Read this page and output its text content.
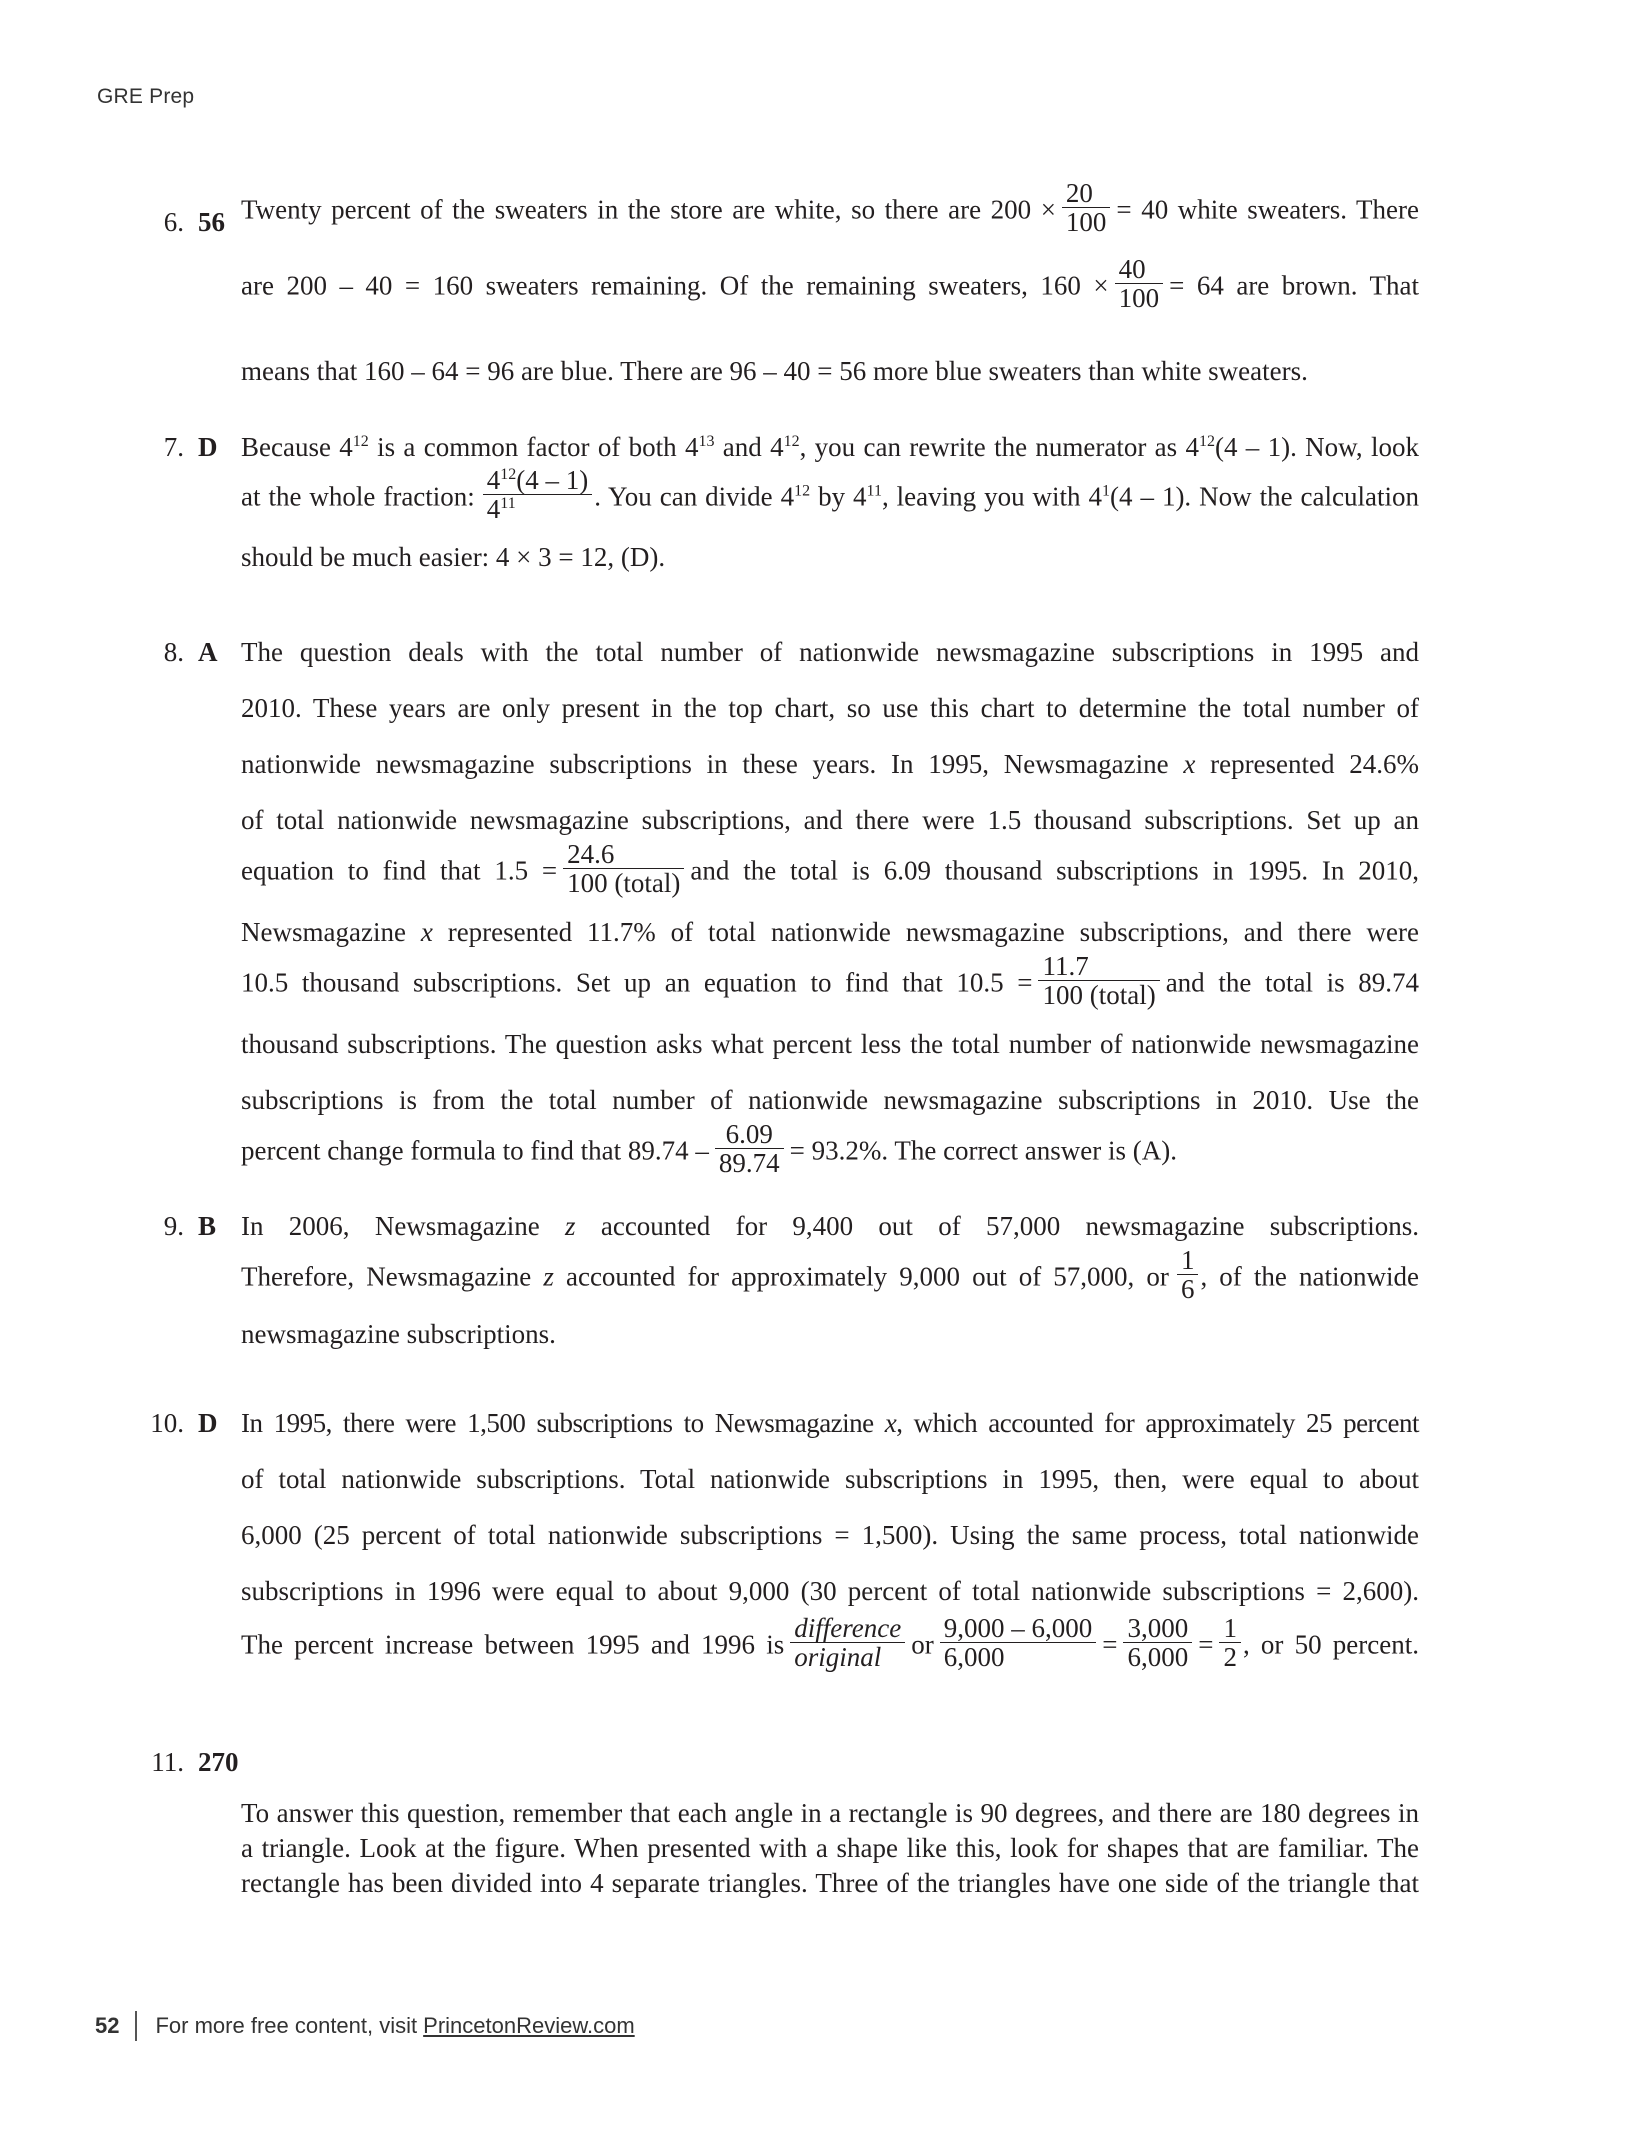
GRE Prep
6. 56 Twenty percent of the sweaters in the store are white, so there are $200 \times \frac{20}{100} = 40$ white sweaters. There
are 200 – 40 = 160 sweaters remaining. Of the remaining sweaters, $160 \times \frac{40}{100} = 64$ are brown. That
means that 160 – 64 = 96 are blue. There are 96 – 40 = 56 more blue sweaters than white sweaters.
7. D Because $4^{12}$ is a common factor of both $4^{13}$ and $4^{12}$, you can rewrite the numerator as $4^{12}(4 - 1)$. Now, look
at the whole fraction: $\frac{4^{12}(4 - 1)}{4^{11}}$ . You can divide $4^{12}$ by $4^{11}$, leaving you with $4^1(4 - 1)$. Now the calculation
should be much easier: 4 × 3 = 12, (D).
8. A The question deals with the total number of nationwide newsmagazine subscriptions in 1995 and
2010. These years are only present in the top chart, so use this chart to determine the total number of
nationwide newsmagazine subscriptions in these years. In 1995, Newsmagazine x represented 24.6%
of total nationwide newsmagazine subscriptions, and there were 1.5 thousand subscriptions. Set up an
equation to find that $1.5 = \frac{24.6}{\text{100 (total)}}$ and the total is 6.09 thousand subscriptions in 1995. In 2010,
Newsmagazine x represented 11.7% of total nationwide newsmagazine subscriptions, and there were
10.5 thousand subscriptions. Set up an equation to find that $10.5 = \frac{11.7}{\text{100 (total)}}$ and the total is 89.74
thousand subscriptions. The question asks what percent less the total number of nationwide newsmagazine
subscriptions is from the total number of nationwide newsmagazine subscriptions in 2010. Use the
percent change formula to find that $89.74 - \frac{6.09}{89.74} = 93.2\%$. The correct answer is (A).
9. B In 2006, Newsmagazine z accounted for 9,400 out of 57,000 newsmagazine subscriptions.
Therefore, Newsmagazine z accounted for approximately 9,000 out of 57,000, or $\frac{1}{6}$ , of the nationwide
newsmagazine subscriptions.
10. D In 1995, there were 1,500 subscriptions to Newsmagazine x, which accounted for approximately 25 percent
of total nationwide subscriptions. Total nationwide subscriptions in 1995, then, were equal to about
6,000 (25 percent of total nationwide subscriptions = 1,500). Using the same process, total nationwide
subscriptions in 1996 were equal to about 9,000 (30 percent of total nationwide subscriptions = 2,600).
The percent increase between 1995 and 1996 is $\frac{\text{difference}}{\text{original}}$ or $\frac{9,000 - 6,000}{6,000} = \frac{3,000}{6,000} = \frac{1}{2}$ , or 50 percent.
11. 270
To answer this question, remember that each angle in a rectangle is 90 degrees, and there are 180 degrees in
a triangle. Look at the figure. When presented with a shape like this, look for shapes that are familiar. The
rectangle has been divided into 4 separate triangles. Three of the triangles have one side of the triangle that
52 For more free content, visit PrincetonReview.com
